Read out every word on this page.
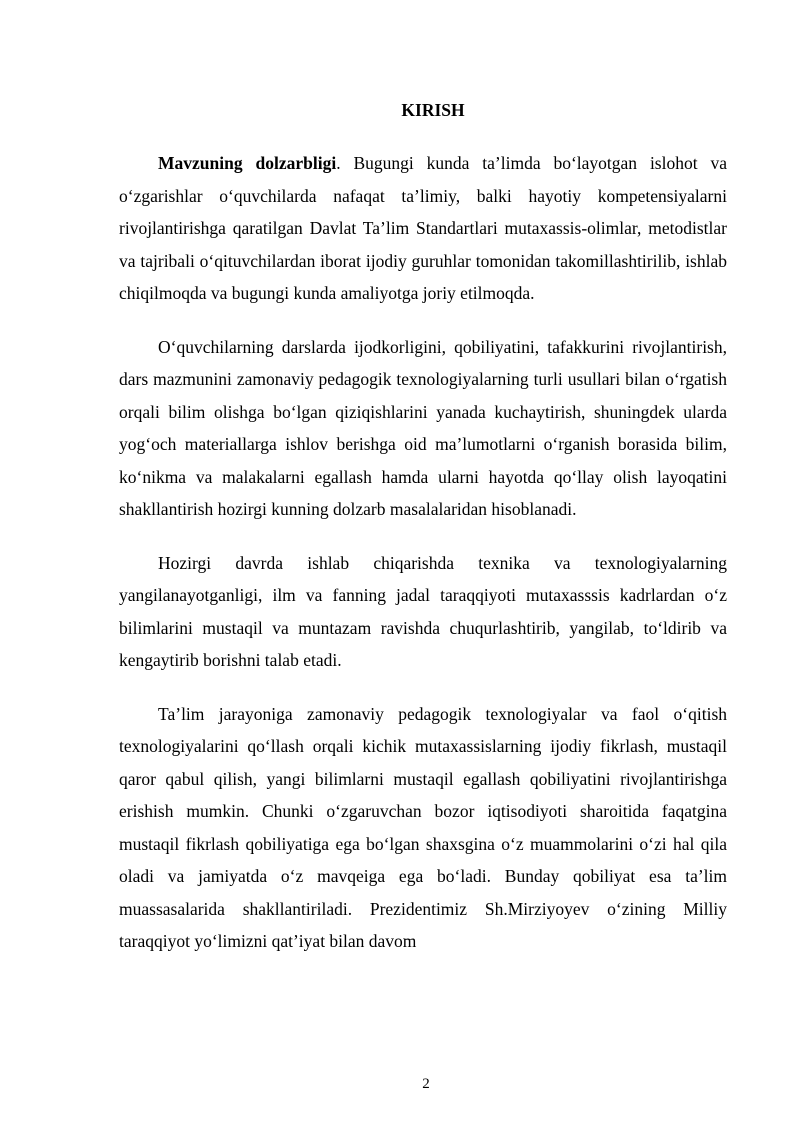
KIRISH

Mavzuning dolzarbligi. Bugungi kunda ta’limda bo‘layotgan islohot va o‘zgarishlar o‘quvchilarda nafaqat ta’limiy, balki hayotiy kompetensiyalarni rivojlantirishga qaratilgan Davlat Ta’lim Standartlari mutaxassis-olimlar, metodistlar va tajribali o‘qituvchilardan iborat ijodiy guruhlar tomonidan takomillashtirilib, ishlab chiqilmoqda va bugungi kunda amaliyotga joriy etilmoqda.

O‘quvchilarning darslarda ijodkorligini, qobiliyatini, tafakkurini rivojlantirish, dars mazmunini zamonaviy pedagogik texnologiyalarning turli usullari bilan o‘rgatish orqali bilim olishga bo‘lgan qiziqishlarini yanada kuchaytirish, shuningdek ularda yog‘och materiallarga ishlov berishga oid ma’lumotlarni o‘rganish borasida bilim, ko‘nikma va malakalarni egallash hamda ularni hayotda qo‘llay olish layoqatini shakllantirish hozirgi kunning dolzarb masalalaridan hisoblanadi.

Hozirgi davrda ishlab chiqarishda texnika va texnologiyalarning yangilanayotganligi, ilm va fanning jadal taraqqiyoti mutaxasssis kadrlardan o‘z bilimlarini mustaqil va muntazam ravishda chuqurlashtirib, yangilab, to‘ldirib va kengaytirib borishni talab etadi.

Ta’lim jarayoniga zamonaviy pedagogik texnologiyalar va faol o‘qitish texnologiyalarini qo‘llash orqali kichik mutaxassislarning ijodiy fikrlash, mustaqil qaror qabul qilish, yangi bilimlarni mustaqil egallash qobiliyatini rivojlantirishga erishish mumkin. Chunki o‘zgaruvchan bozor iqtisodiyoti sharoitida faqatgina mustaqil fikrlash qobiliyatiga ega bo‘lgan shaxsgina o‘z muammolarini o‘zi hal qila oladi va jamiyatda o‘z mavqeiga ega bo‘ladi. Bunday qobiliyat esa ta’lim muassasalarida shakllantiriladi. Prezidentimiz Sh.Mirziyoyev o‘zining Milliy taraqqiyot yo‘limizni qat’iyat bilan davom

2
